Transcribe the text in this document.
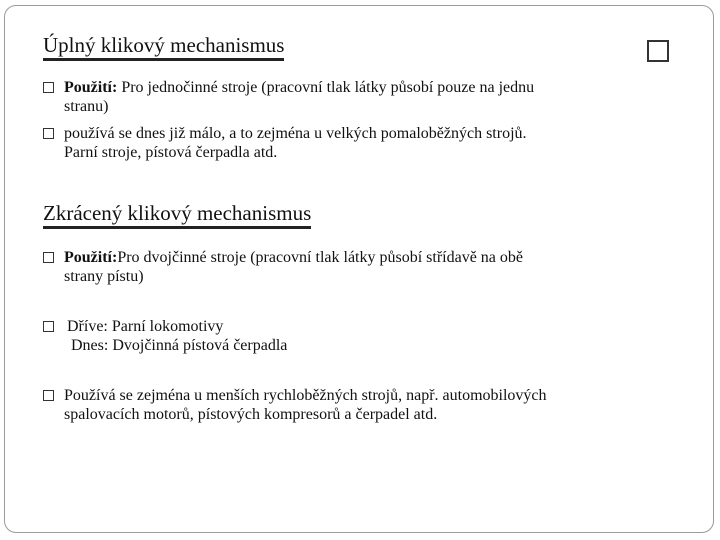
Úplný klikový mechanismus
Použití: Pro jednočinné stroje (pracovní tlak látky působí pouze na jednu
stranu)
používá se dnes již málo, a to zejména u velkých pomaloběžných strojů.
Parní stroje, pístová čerpadla atd.
Zkrácený klikový mechanismus
Použití:Pro dvojčinné stroje (pracovní tlak látky působí střídavě na obě
strany pístu)
Dříve: Parní lokomotivy
Dnes: Dvojčinná pístová čerpadla
Používá se zejména u menších rychloběžných strojů, např. automobilových
spalovacích motorů, pístových kompresorů a čerpadel atd.
